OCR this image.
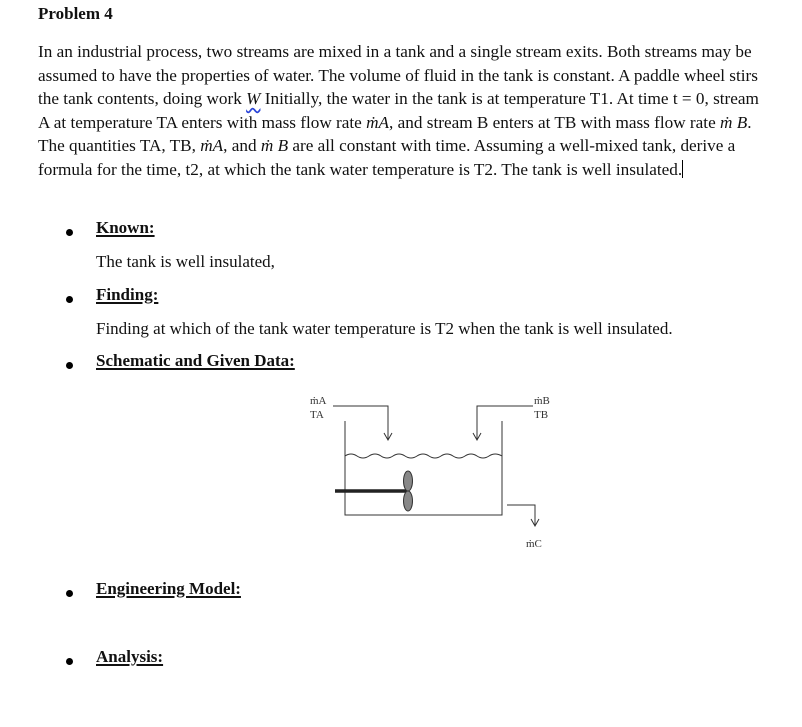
Problem 4
In an industrial process, two streams are mixed in a tank and a single stream exits. Both streams may be assumed to have the properties of water. The volume of fluid in the tank is constant. A paddle wheel stirs the tank contents, doing work W Initially, the water in the tank is at temperature T1. At time t = 0, stream A at temperature TA enters with mass flow rate ṁA, and stream B enters at TB with mass flow rate ṁ B. The quantities TA, TB, ṁA, and ṁ B are all constant with time. Assuming a well-mixed tank, derive a formula for the time, t2, at which the tank water temperature is T2. The tank is well insulated.
Known:
The tank is well insulated,
Finding:
Finding at which of the tank water temperature is T2 when the tank is well insulated.
Schematic and Given Data:
ṁA
TA
ṁB
TB
ṁC
Engineering Model:
Analysis:
